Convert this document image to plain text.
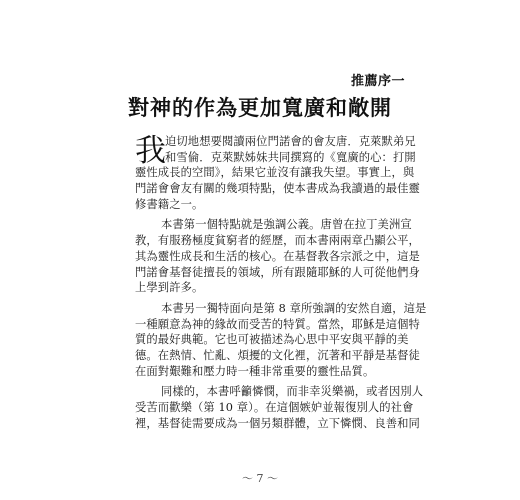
推薦序一
對神的作為更加寬廣和敞開
我
迫切地想要閱讀兩位門諾會的會友唐．克萊默弟兄
和雪倫．克萊默姊妹共同撰寫的《寬廣的心：打開
靈性成長的空間》，結果它並沒有讓我失望。事實上，與
門諾會會友有關的幾項特點，使本書成為我讀過的最佳靈
修書籍之一。
本書第一個特點就是強調公義。唐曾在拉丁美洲宣
教，有服務極度貧窮者的經歷，而本書兩兩章凸顯公平，
其為靈性成長和生活的核心。在基督教各宗派之中，這是
門諾會基督徒擅長的領域，所有跟隨耶穌的人可從他們身
上學到許多。
本書另一獨特面向是第 8 章所強調的安然自適，這是
一種願意為神的緣故而受苦的特質。當然，耶穌是這個特
質的最好典範。它也可被描述為心思中平安與平靜的美
德。在熱情、忙亂、煩擾的文化裡，沉著和平靜是基督徒
在面對艱難和壓力時一種非常重要的靈性品質。
同樣的，本書呼籲憐憫，而非幸災樂禍，或者因別人
受苦而歡樂（第 10 章）。在這個嫉妒並報復別人的社會
裡，基督徒需要成為一個另類群體，立下憐憫、良善和同
～ 7 ～
